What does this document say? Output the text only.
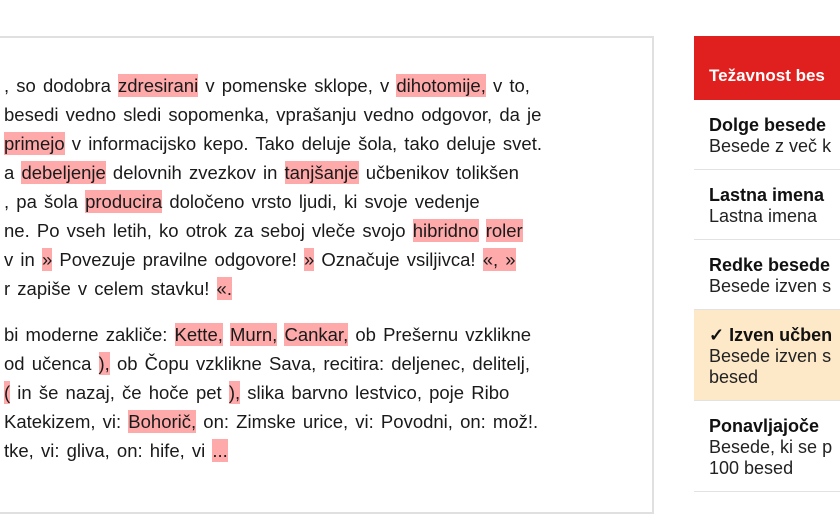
, so dodobra zdresirani v pomenske sklope, v dihotomije, v to,
besedi vedno sledi sopomenka, vprašanju vedno odgovor, da je
primejo v informacijsko kepo. Tako deluje šola, tako deluje svet.
a debeljenje delovnih zvezkov in tanjšanje učbenikov tolikšen
, pa šola producira določeno vrsto ljudi, ki svoje vedenje
ne. Po vseh letih, ko otrok za seboj vleče svojo hibridno roler
v in » Povezuje pravilne odgovore! » Označuje vsiljivca! «, »
r zapiše v celem stavku! «.
bi moderne zakliče: Kette, Murn, Cankar, ob Prešernu vzklikne
od učenca ), ob Čopu vzklikne Sava, recitira: deljenec, delitelj,
( in še nazaj, če hoče pet ), slika barvno lestvico, poje Ribo
Katekizem, vi: Bohorič, on: Zimske urice, vi: Povodni, on: mož!.
tke, vi: gliva, on: hife, vi ...
Težavnost bes
Dolge besede
Besede z več k
Lastna imena
Lastna imena
Redke besede
Besede izven s
✓ Izven učben
Besede izven s
besed
Ponavljajoče
Besede, ki se p
100 besed
